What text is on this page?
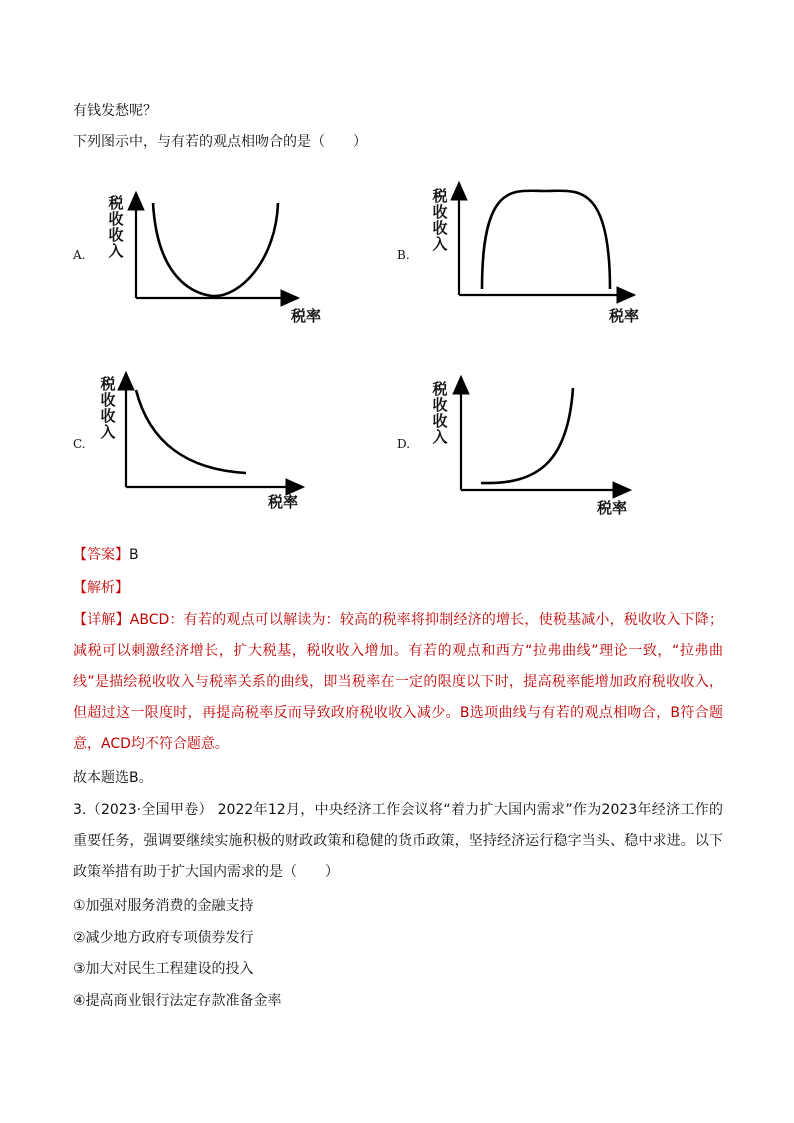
有钱发愁呢？
下列图示中，与有若的观点相吻合的是（　　）
A.
税收收入
税率
B.
税收收入
税率
C.
税收收入
税率
D.
税收收入
税率
【答案】B
【解析】
【详解】ABCD：有若的观点可以解读为：较高的税率将抑制经济的增长，使税基减小，税收收入下降；减税可以刺激经济增长，扩大税基，税收收入增加。有若的观点和西方“拉弗曲线”理论一致，“拉弗曲线”是描绘税收收入与税率关系的曲线，即当税率在一定的限度以下时，提高税率能增加政府税收收入，但超过这一限度时，再提高税率反而导致政府税收收入减少。B选项曲线与有若的观点相吻合，B符合题意，ACD均不符合题意。
故本题选B。
3.（2023·全国甲卷） 2022年12月，中央经济工作会议将“着力扩大国内需求”作为2023年经济工作的重要任务，强调要继续实施积极的财政政策和稳健的货币政策，坚持经济运行稳字当头、稳中求进。以下政策举措有助于扩大国内需求的是（　　）
①加强对服务消费的金融支持
②减少地方政府专项债券发行
③加大对民生工程建设的投入
④提高商业银行法定存款准备金率
